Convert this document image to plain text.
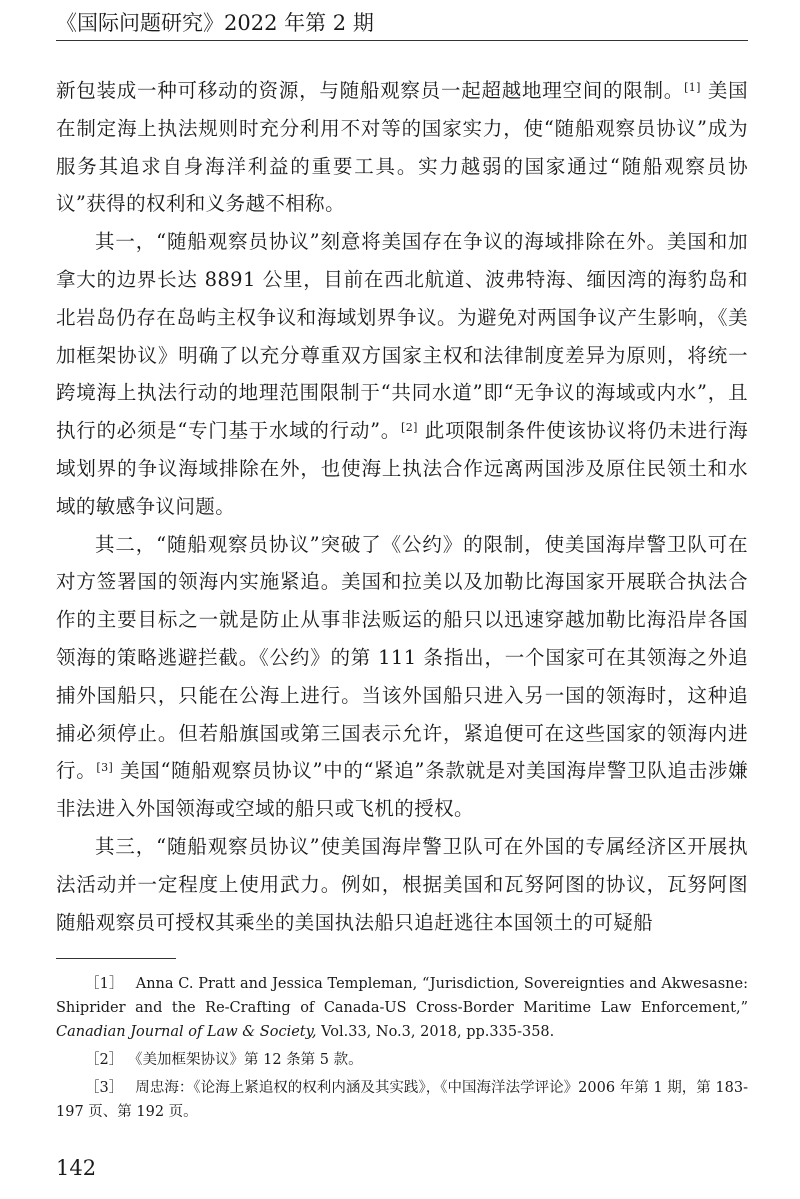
《国际问题研究》2022 年第 2 期

新包装成一种可移动的资源，与随船观察员一起超越地理空间的限制。[1] 美国在制定海上执法规则时充分利用不对等的国家实力，使“随船观察员协议”成为服务其追求自身海洋利益的重要工具。实力越弱的国家通过“随船观察员协议”获得的权利和义务越不相称。

其一，“随船观察员协议”刻意将美国存在争议的海域排除在外。美国和加拿大的边界长达 8891 公里，目前在西北航道、波弗特海、缅因湾的海豹岛和北岩岛仍存在岛屿主权争议和海域划界争议。为避免对两国争议产生影响，《美加框架协议》明确了以充分尊重双方国家主权和法律制度差异为原则，将统一跨境海上执法行动的地理范围限制于“共同水道”即“无争议的海域或内水”，且执行的必须是“专门基于水域的行动”。[2] 此项限制条件使该协议将仍未进行海域划界的争议海域排除在外，也使海上执法合作远离两国涉及原住民领土和水域的敏感争议问题。

其二，“随船观察员协议”突破了《公约》的限制，使美国海岸警卫队可在对方签署国的领海内实施紧追。美国和拉美以及加勒比海国家开展联合执法合作的主要目标之一就是防止从事非法贩运的船只以迅速穿越加勒比海沿岸各国领海的策略逃避拦截。《公约》的第 111 条指出，一个国家可在其领海之外追捕外国船只，只能在公海上进行。当该外国船只进入另一国的领海时，这种追捕必须停止。但若船旗国或第三国表示允许，紧追便可在这些国家的领海内进行。[3] 美国“随船观察员协议”中的“紧追”条款就是对美国海岸警卫队追击涉嫌非法进入外国领海或空域的船只或飞机的授权。

其三，“随船观察员协议”使美国海岸警卫队可在外国的专属经济区开展执法活动并一定程度上使用武力。例如，根据美国和瓦努阿图的协议，瓦努阿图随船观察员可授权其乘坐的美国执法船只追赶逃往本国领土的可疑船

［1］ Anna C. Pratt and Jessica Templeman, “Jurisdiction, Sovereignties and Akwesasne: Shiprider and the Re-Crafting of Canada-US Cross-Border Maritime Law Enforcement,” Canadian Journal of Law & Society, Vol.33, No.3, 2018, pp.335-358.

［2］ 《美加框架协议》第 12 条第 5 款。

［3］ 周忠海：《论海上紧追权的权利内涵及其实践》，《中国海洋法学评论》2006 年第 1 期，第 183-197 页、第 192 页。

142
